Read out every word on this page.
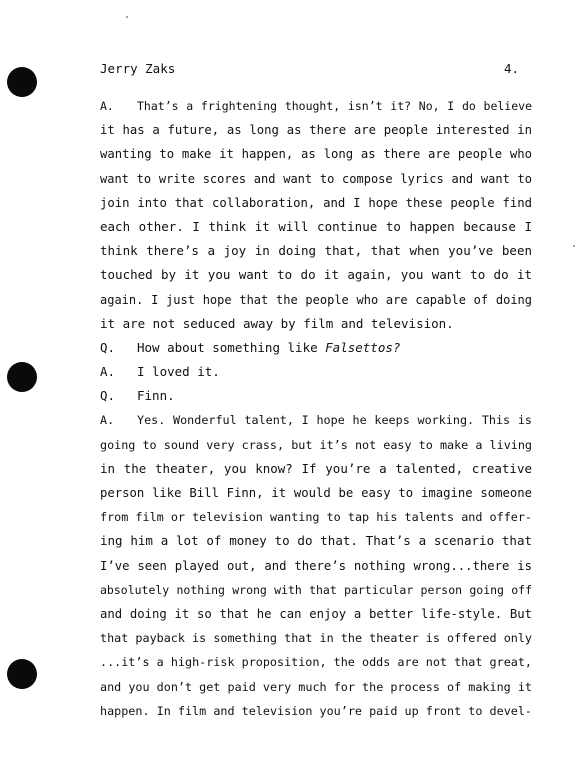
Jerry Zaks	4.
A. That’s a frightening thought, isn’t it? No, I do believe
it has a future, as long as there are people interested in
wanting to make it happen, as long as there are people who
want to write scores and want to compose lyrics and want to
join into that collaboration, and I hope these people find
each other. I think it will continue to happen because I
think there’s a joy in doing that, that when you’ve been
touched by it you want to do it again, you want to do it
again. I just hope that the people who are capable of doing
it are not seduced away by film and television.
Q. How about something like Falsettos?
A. I loved it.
Q. Finn.
A. Yes. Wonderful talent, I hope he keeps working. This is
going to sound very crass, but it’s not easy to make a living
in the theater, you know? If you’re a talented, creative
person like Bill Finn, it would be easy to imagine someone
from film or television wanting to tap his talents and offer-
ing him a lot of money to do that. That’s a scenario that
I’ve seen played out, and there’s nothing wrong...there is
absolutely nothing wrong with that particular person going off
and doing it so that he can enjoy a better life-style. But
that payback is something that in the theater is offered only
...it’s a high-risk proposition, the odds are not that great,
and you don’t get paid very much for the process of making it
happen. In film and television you’re paid up front to devel-
